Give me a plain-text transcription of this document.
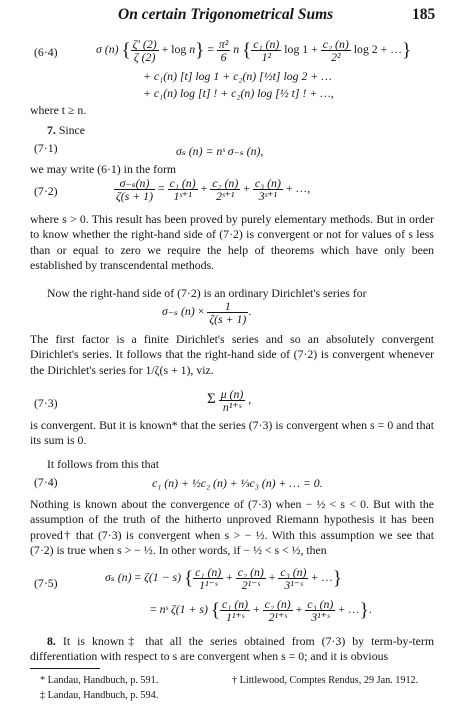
On certain Trigonometrical Sums	185
(6·4)	σ (n) { $\frac{\zeta' (2)}{\zeta (2)} + \log n\} = \frac{\text{π²}}{6}$ n { $\frac{\text{c₁ (n)}}{\text{1²}}$ $\log 1 + \frac{\text{c₂ (n)}}{\text{2²}}$ log 2 + …}
+ c₁(n) [t] log 1 + c₂(n) [½t] log 2 + …
+ c₁(n) log [t] ! + c₂(n) log [½ t] ! + …,
where t ≥ n.
7. Since
(7·1)	σₛ (n) = nˢ σ₋ₛ (n),
we may write (6·1) in the form
(7·2)	$\frac{\text{σ₋ₛ(n)}}{\zeta(s + 1)} = \frac{\text{c₁ (n)}}{\text{1ˢ⁺¹}} + \frac{\text{c₂ (n)}}{\text{2ˢ⁺¹}} + \frac{\text{c₃ (n)}}{\text{3ˢ⁺¹}}$ + …,
where s > 0. This result has been proved by purely elementary methods. But in order to know whether the right-hand side of (7·2) is convergent or not for values of s less than or equal to zero we require the help of theorems which have only been established by transcendental methods.
Now the right-hand side of (7·2) is an ordinary Dirichlet's series for
σ₋ₛ $(n) \times \frac{1}{\zeta(s + 1)}$ .
The first factor is a finite Dirichlet's series and so an absolutely convergent Dirichlet's series. It follows that the right-hand side of (7·2) is convergent whenever the Dirichlet's series for 1/ζ(s + 1), viz.
(7·3)	Σ $\frac{\mu (n)}{\text{n¹⁺ˢ}}$ ,
is convergent. But it is known* that the series (7·3) is convergent when s = 0 and that its sum is 0.
It follows from this that
(7·4)	c₁ (n) + ½c₂ (n) + ⅓c₃ (n) + … = 0.
Nothing is known about the convergence of (7·3) when − ½ < s < 0. But with the assumption of the truth of the hitherto unproved Riemann hypothesis it has been proved† that (7·3) is convergent when s > − ½. With this assumption we see that (7·2) is true when s > − ½. In other words, if − ½ < s < ½, then
(7·5)	σₛ (n) = ζ(1 − s) { $\frac{\text{c₁ (n)}}{\text{1¹⁻ˢ}} + \frac{\text{c₂ (n)}}{\text{2¹⁻ˢ}} + \frac{\text{c₃ (n)}}{\text{3¹⁻ˢ}}$ + …}
= nˢ ζ(1 + s) { $\frac{\text{c₁ (n)}}{\text{1¹⁺ˢ}} + \frac{\text{c₂ (n)}}{\text{2¹⁺ˢ}} + \frac{\text{c₃ (n)}}{\text{3¹⁺ˢ}}$ + …}.
8. It is known‡ that all the series obtained from (7·3) by term-by-term differentiation with respect to s are convergent when s = 0; and it is obvious
* Landau, Handbuch, p. 591.	† Littlewood, Comptes Rendus, 29 Jan. 1912.
‡ Landau, Handbuch, p. 594.
